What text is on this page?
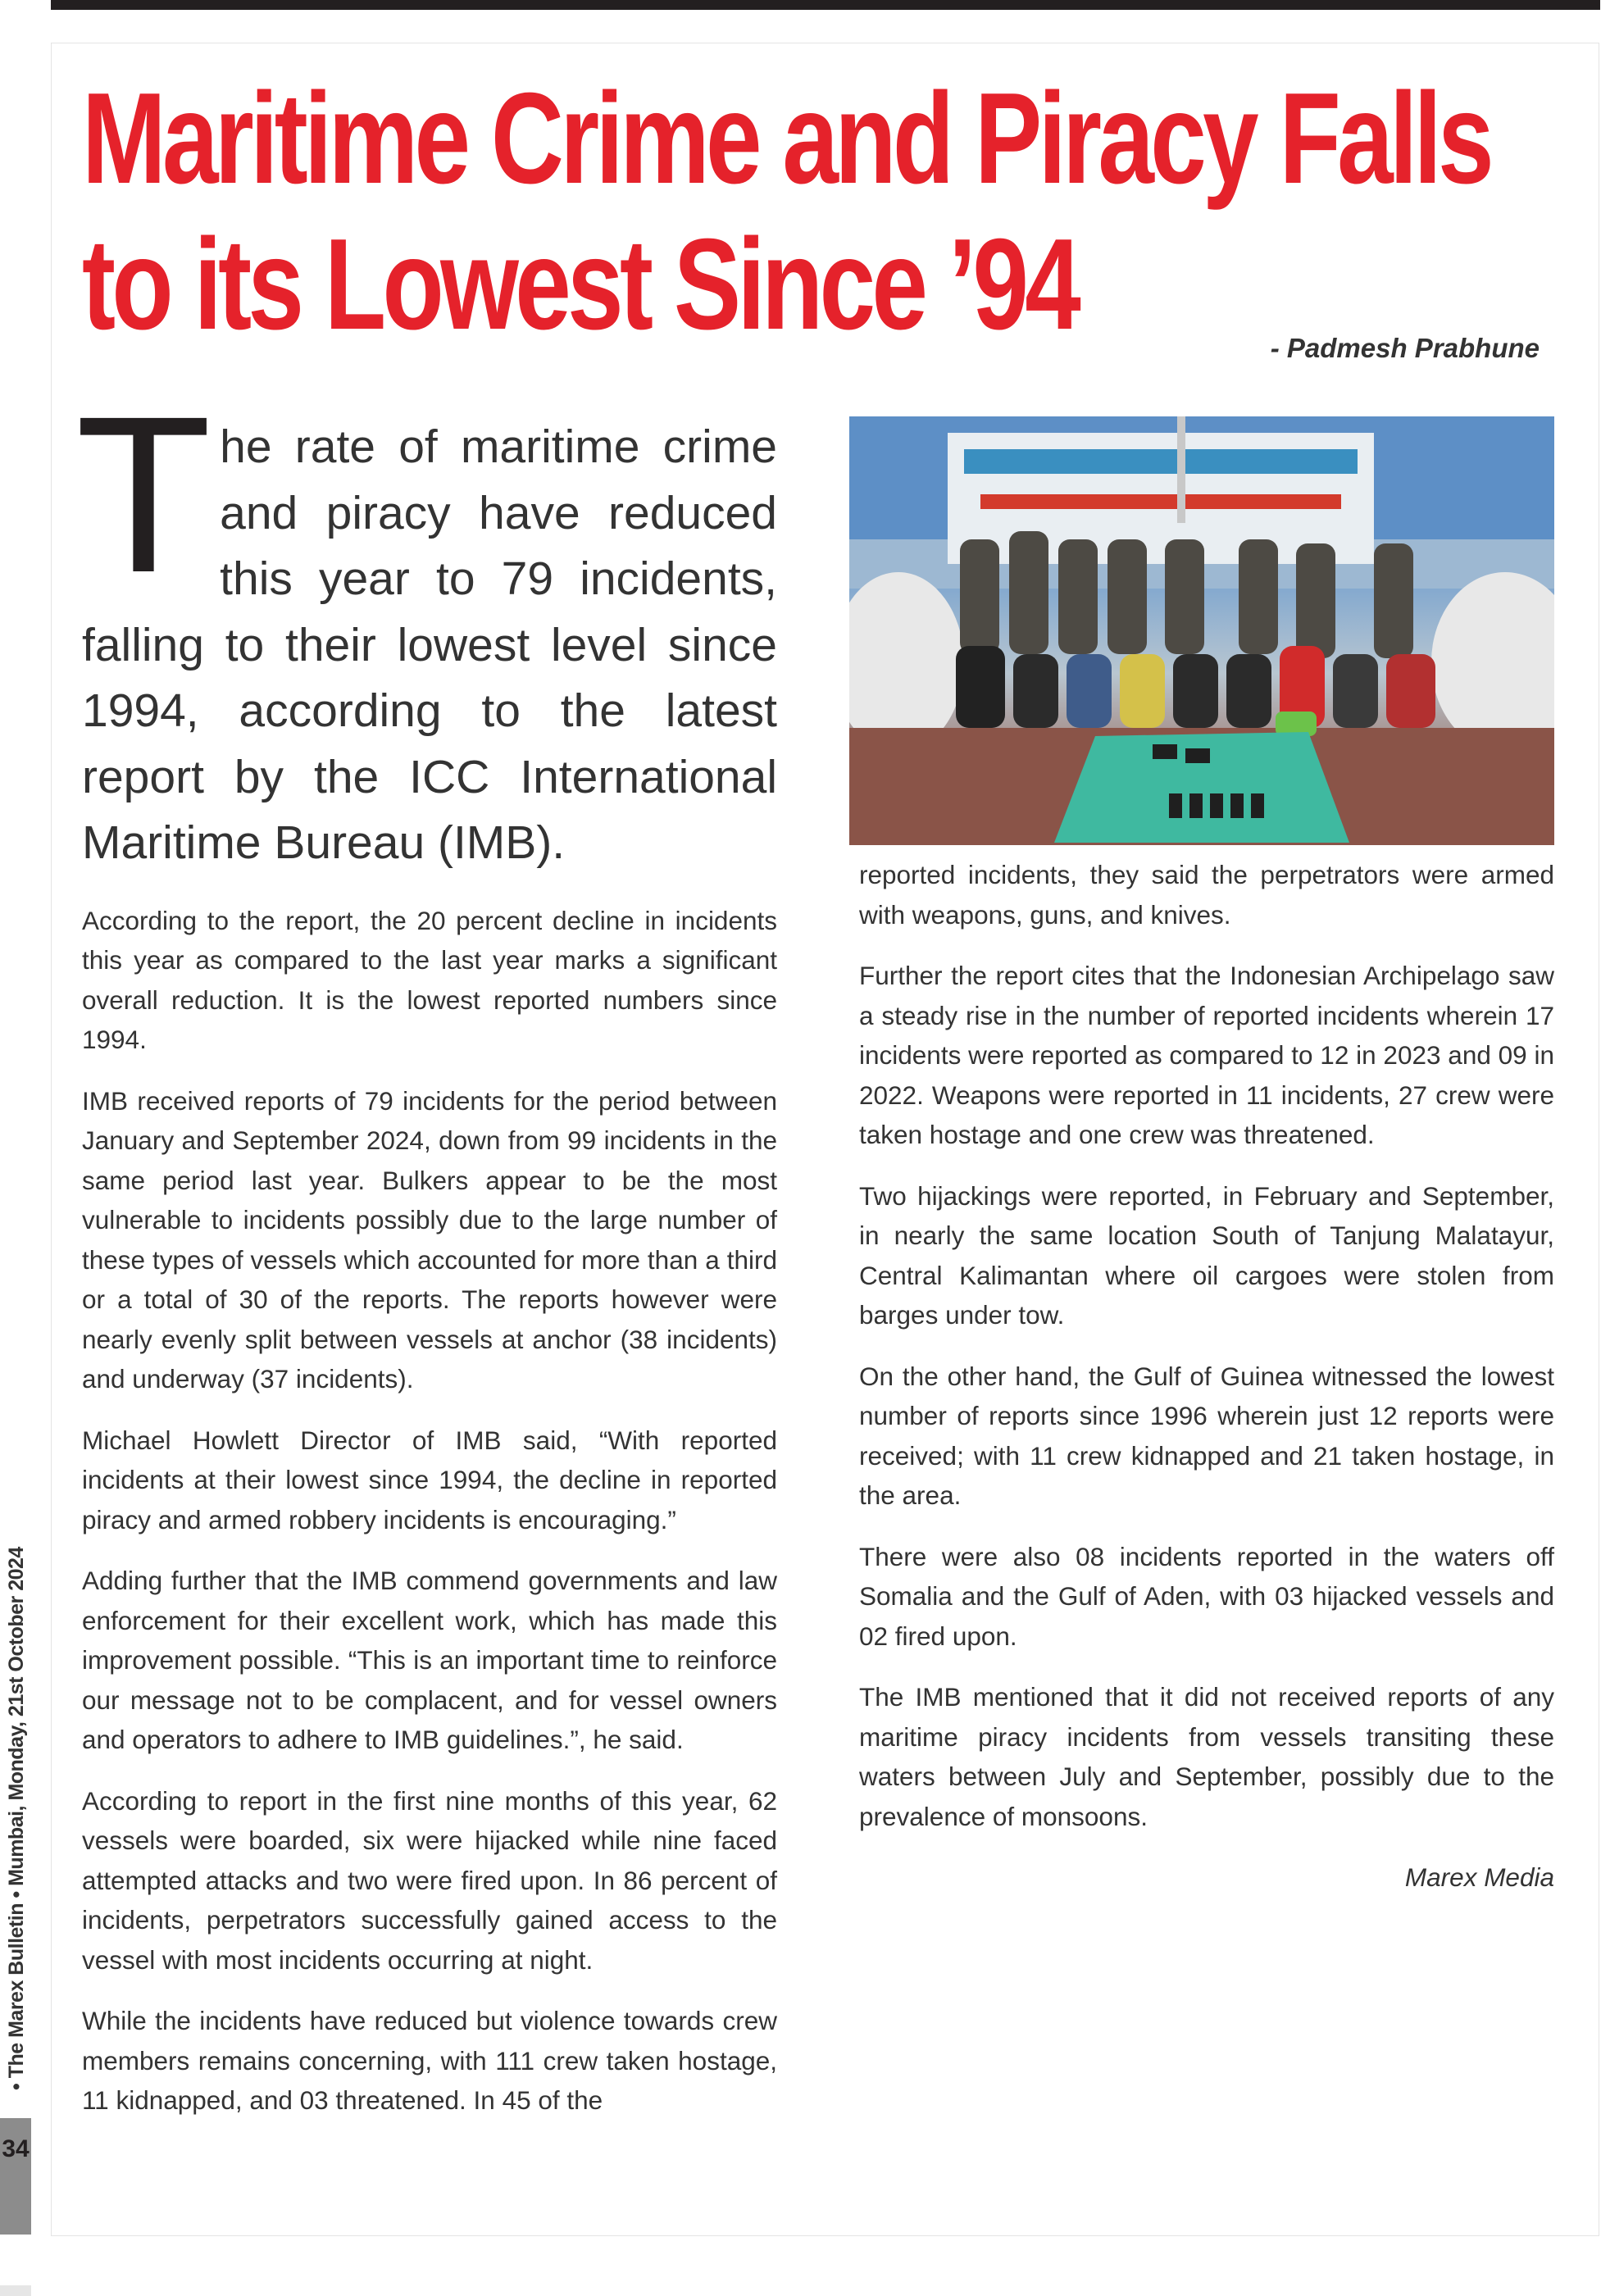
Maritime Crime and Piracy Falls
to its Lowest Since ’94	- Padmesh Prabhune

The rate of maritime crime and piracy have reduced this year to 79 incidents, falling to their lowest level since 1994, according to the latest report by the ICC International Maritime Bureau (IMB).

According to the report, the 20 percent decline in incidents this year as compared to the last year marks a significant overall reduction. It is the lowest reported numbers since 1994.

IMB received reports of 79 incidents for the period between January and September 2024, down from 99 incidents in the same period last year. Bulkers appear to be the most vulnerable to incidents possibly due to the large number of these types of vessels which accounted for more than a third or a total of 30 of the reports. The reports however were nearly evenly split between vessels at anchor (38 incidents) and underway (37 incidents).

Michael Howlett Director of IMB said, “With reported incidents at their lowest since 1994, the decline in reported piracy and armed robbery incidents is encouraging.”

Adding further that the IMB commend governments and law enforcement for their excellent work, which has made this improvement possible. “This is an important time to reinforce our message not to be complacent, and for vessel owners and operators to adhere to IMB guidelines.”, he said.

According to report in the first nine months of this year, 62 vessels were boarded, six were hijacked while nine faced attempted attacks and two were fired upon. In 86 percent of incidents, perpetrators successfully gained access to the vessel with most incidents occurring at night.

While the incidents have reduced but violence towards crew members remains concerning, with 111 crew taken hostage, 11 kidnapped, and 03 threatened. In 45 of the

reported incidents, they said the perpetrators were armed with weapons, guns, and knives.

Further the report cites that the Indonesian Archipelago saw a steady rise in the number of reported incidents wherein 17 incidents were reported as compared to 12 in 2023 and 09 in 2022. Weapons were reported in 11 incidents, 27 crew were taken hostage and one crew was threatened.

Two hijackings were reported, in February and September, in nearly the same location South of Tanjung Malatayur, Central Kalimantan where oil cargoes were stolen from barges under tow.

On the other hand, the Gulf of Guinea witnessed the lowest number of reports since 1996 wherein just 12 reports were received; with 11 crew kidnapped and 21 taken hostage, in the area.

There were also 08 incidents reported in the waters off Somalia and the Gulf of Aden, with 03 hijacked vessels and 02 fired upon.

The IMB mentioned that it did not received reports of any maritime piracy incidents from vessels transiting these waters between July and September, possibly due to the prevalence of monsoons.

Marex Media

• The Marex Bulletin • Mumbai, Monday, 21st October 2024
34
